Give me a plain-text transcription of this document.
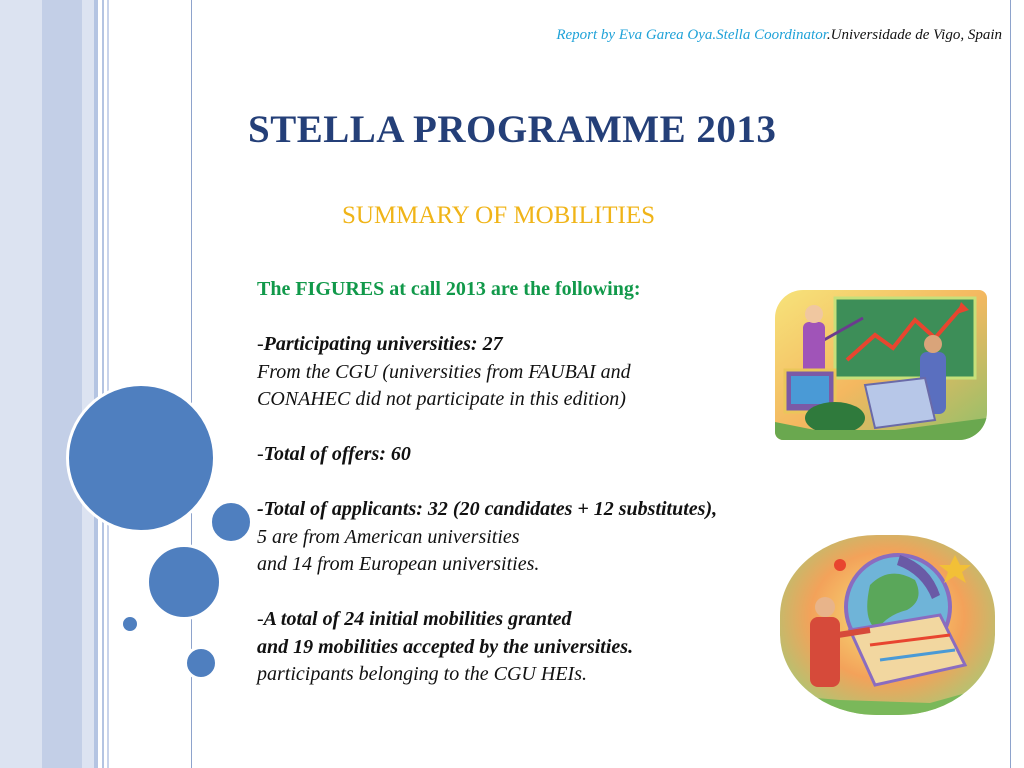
Report by Eva Garea Oya.Stella Coordinator.Universidade de Vigo, Spain
STELLA PROGRAMME 2013
SUMMARY OF MOBILITIES
The FIGURES at call 2013 are the following:
-Participating universities: 27
From the CGU (universities from FAUBAI and
CONAHEC did not participate in this edition)
-Total of offers: 60
-Total of applicants: 32 (20 candidates + 12 substitutes),
5 are from American universities
and 14 from European universities.
-A total of 24 initial mobilities granted
and 19 mobilities accepted by the universities.
participants belonging to the CGU HEIs.
